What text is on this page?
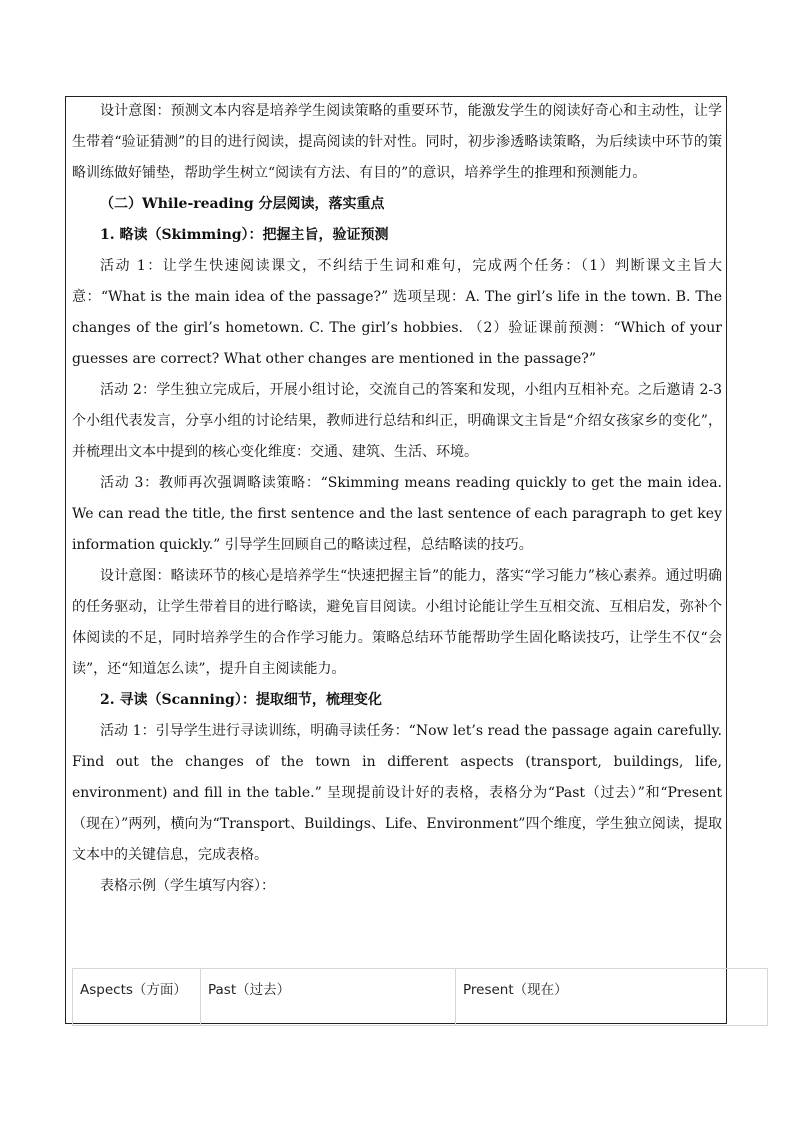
设计意图：预测文本内容是培养学生阅读策略的重要环节，能激发学生的阅读好奇心和主动性，让学生带着“验证猜测”的目的进行阅读，提高阅读的针对性。同时，初步渗透略读策略，为后续读中环节的策略训练做好铺垫，帮助学生树立“阅读有方法、有目的”的意识，培养学生的推理和预测能力。

（二）While-reading 分层阅读，落实重点

1. 略读（Skimming）：把握主旨，验证预测

活动 1：让学生快速阅读课文，不纠结于生词和难句，完成两个任务：（1）判断课文主旨大意：“What is the main idea of the passage?” 选项呈现：A. The girl’s life in the town. B. The changes of the girl’s hometown. C. The girl’s hobbies. （2）验证课前预测：“Which of your guesses are correct? What other changes are mentioned in the passage?”

活动 2：学生独立完成后，开展小组讨论，交流自己的答案和发现，小组内互相补充。之后邀请 2-3 个小组代表发言，分享小组的讨论结果，教师进行总结和纠正，明确课文主旨是“介绍女孩家乡的变化”，并梳理出文本中提到的核心变化维度：交通、建筑、生活、环境。

活动 3：教师再次强调略读策略：“Skimming means reading quickly to get the main idea. We can read the title, the first sentence and the last sentence of each paragraph to get key information quickly.” 引导学生回顾自己的略读过程，总结略读的技巧。

设计意图：略读环节的核心是培养学生“快速把握主旨”的能力，落实“学习能力”核心素养。通过明确的任务驱动，让学生带着目的进行略读，避免盲目阅读。小组讨论能让学生互相交流、互相启发，弥补个体阅读的不足，同时培养学生的合作学习能力。策略总结环节能帮助学生固化略读技巧，让学生不仅“会读”，还“知道怎么读”，提升自主阅读能力。

2. 寻读（Scanning）：提取细节，梳理变化

活动 1：引导学生进行寻读训练，明确寻读任务：“Now let’s read the passage again carefully. Find out the changes of the town in different aspects (transport, buildings, life, environment) and fill in the table.” 呈现提前设计好的表格，表格分为“Past（过去）”和“Present（现在）”两列，横向为“Transport、Buildings、Life、Environment”四个维度，学生独立阅读，提取文本中的关键信息，完成表格。

表格示例（学生填写内容）：

Aspects（方面）	Past（过去）	Present（现在）
